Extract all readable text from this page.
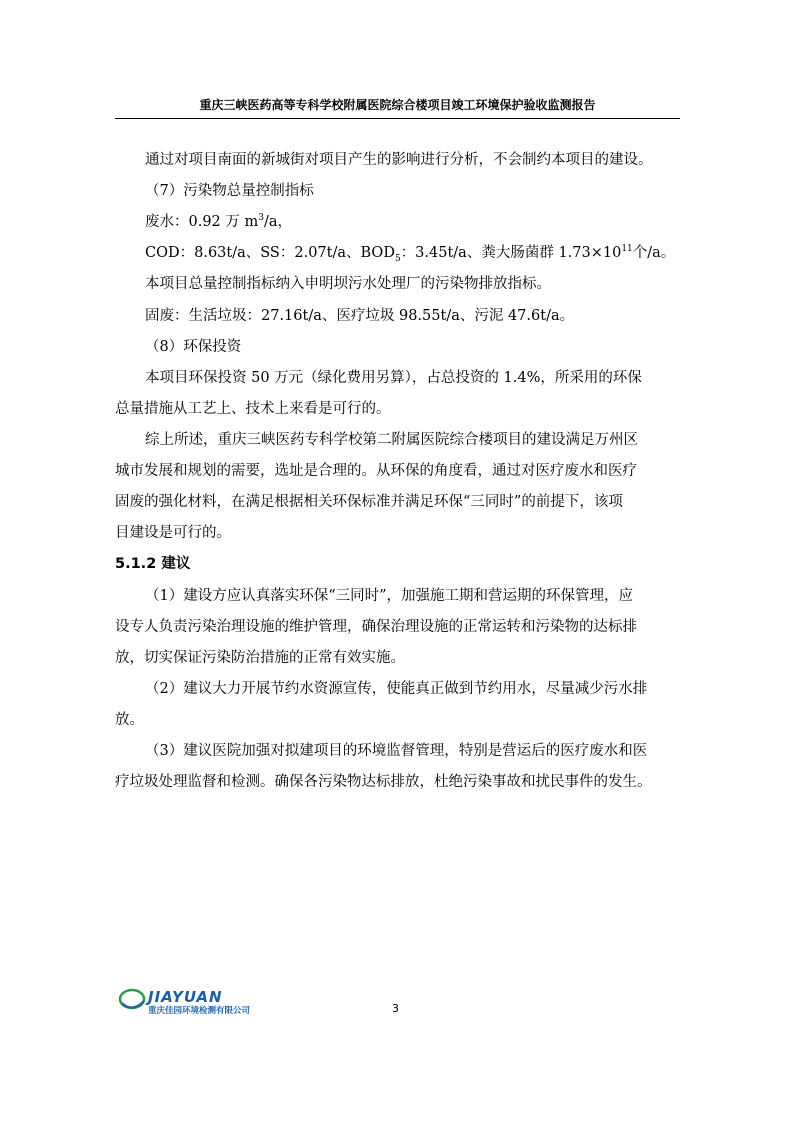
重庆三峡医药高等专科学校附属医院综合楼项目竣工环境保护验收监测报告
通过对项目南面的新城街对项目产生的影响进行分析，不会制约本项目的建设。
（7）污染物总量控制指标
废水：0.92 万 $m^3/a$，
COD：8.63t/a、SS：2.07t/a、$BOD_5$：3.45t/a、粪大肠菌群 $1.73\times 10^{11}$个/a。
本项目总量控制指标纳入申明坝污水处理厂的污染物排放指标。
固废：生活垃圾：27.16t/a、医疗垃圾 98.55t/a、污泥 47.6t/a。
（8）环保投资
本项目环保投资 50 万元（绿化费用另算），占总投资的 1.4%，所采用的环保
总量措施从工艺上、技术上来看是可行的。
综上所述，重庆三峡医药专科学校第二附属医院综合楼项目的建设满足万州区
城市发展和规划的需要，选址是合理的。从环保的角度看，通过对医疗废水和医疗
固废的强化材料，在满足根据相关环保标准并满足环保“三同时”的前提下，该项
目建设是可行的。
5.1.2 建议
（1）建设方应认真落实环保“三同时”，加强施工期和营运期的环保管理，应
设专人负责污染治理设施的维护管理，确保治理设施的正常运转和污染物的达标排
放，切实保证污染防治措施的正常有效实施。
（2）建议大力开展节约水资源宣传，使能真正做到节约用水，尽量减少污水排
放。
（3）建议医院加强对拟建项目的环境监督管理，特别是营运后的医疗废水和医
疗垃圾处理监督和检测。确保各污染物达标排放，杜绝污染事故和扰民事件的发生。
JIAYUAN
重庆佳园环境检测有限公司	3
